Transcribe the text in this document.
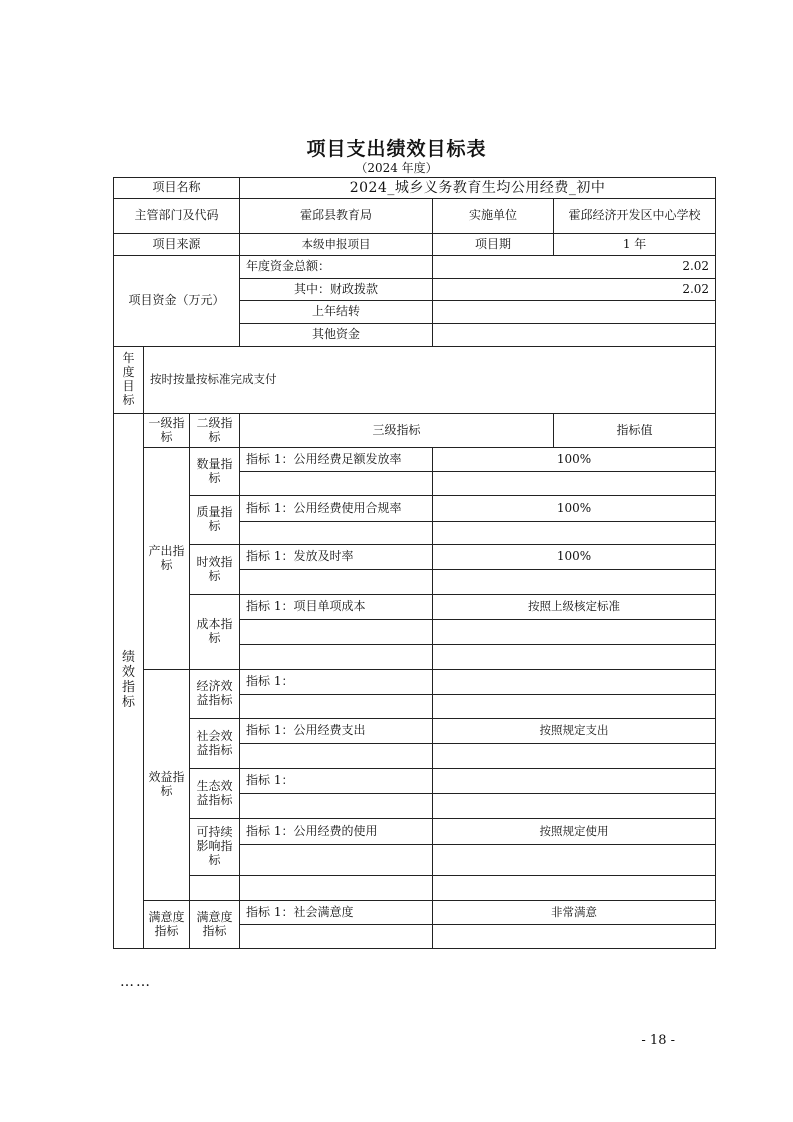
项目支出绩效目标表
（2024 年度）
项目名称			2024_城乡义务教育生均公用经费_初中		
主管部门及代码			霍邱县教育局	实施单位	霍邱经济开发区中心学校
项目来源			本级申报项目	项目期	1 年
项目资金（万元）			年度资金总额：	2.02	
			其中：财政拨款	2.02	
			上年结转		
			其他资金		
年度目标	按时按量按标准完成支付				
绩效指标	一级指标	二级指标	三级指标		指标值
	产出指标	数量指标	指标 1：公用经费足额发放率	100%	

		质量指标	指标 1：公用经费使用合规率	100%	

		时效指标	指标 1：发放及时率	100%	

		成本指标	指标 1：项目单项成本	按照上级核定标准	

	效益指标	经济效益指标	指标 1：		

		社会效益指标	指标 1：公用经费支出	按照规定支出	

		生态效益指标	指标 1：		

		可持续影响指标	指标 1：公用经费的使用	按照规定使用	

	满意度指标	满意度指标	指标 1：社会满意度	非常满意	

……
- 18 -
